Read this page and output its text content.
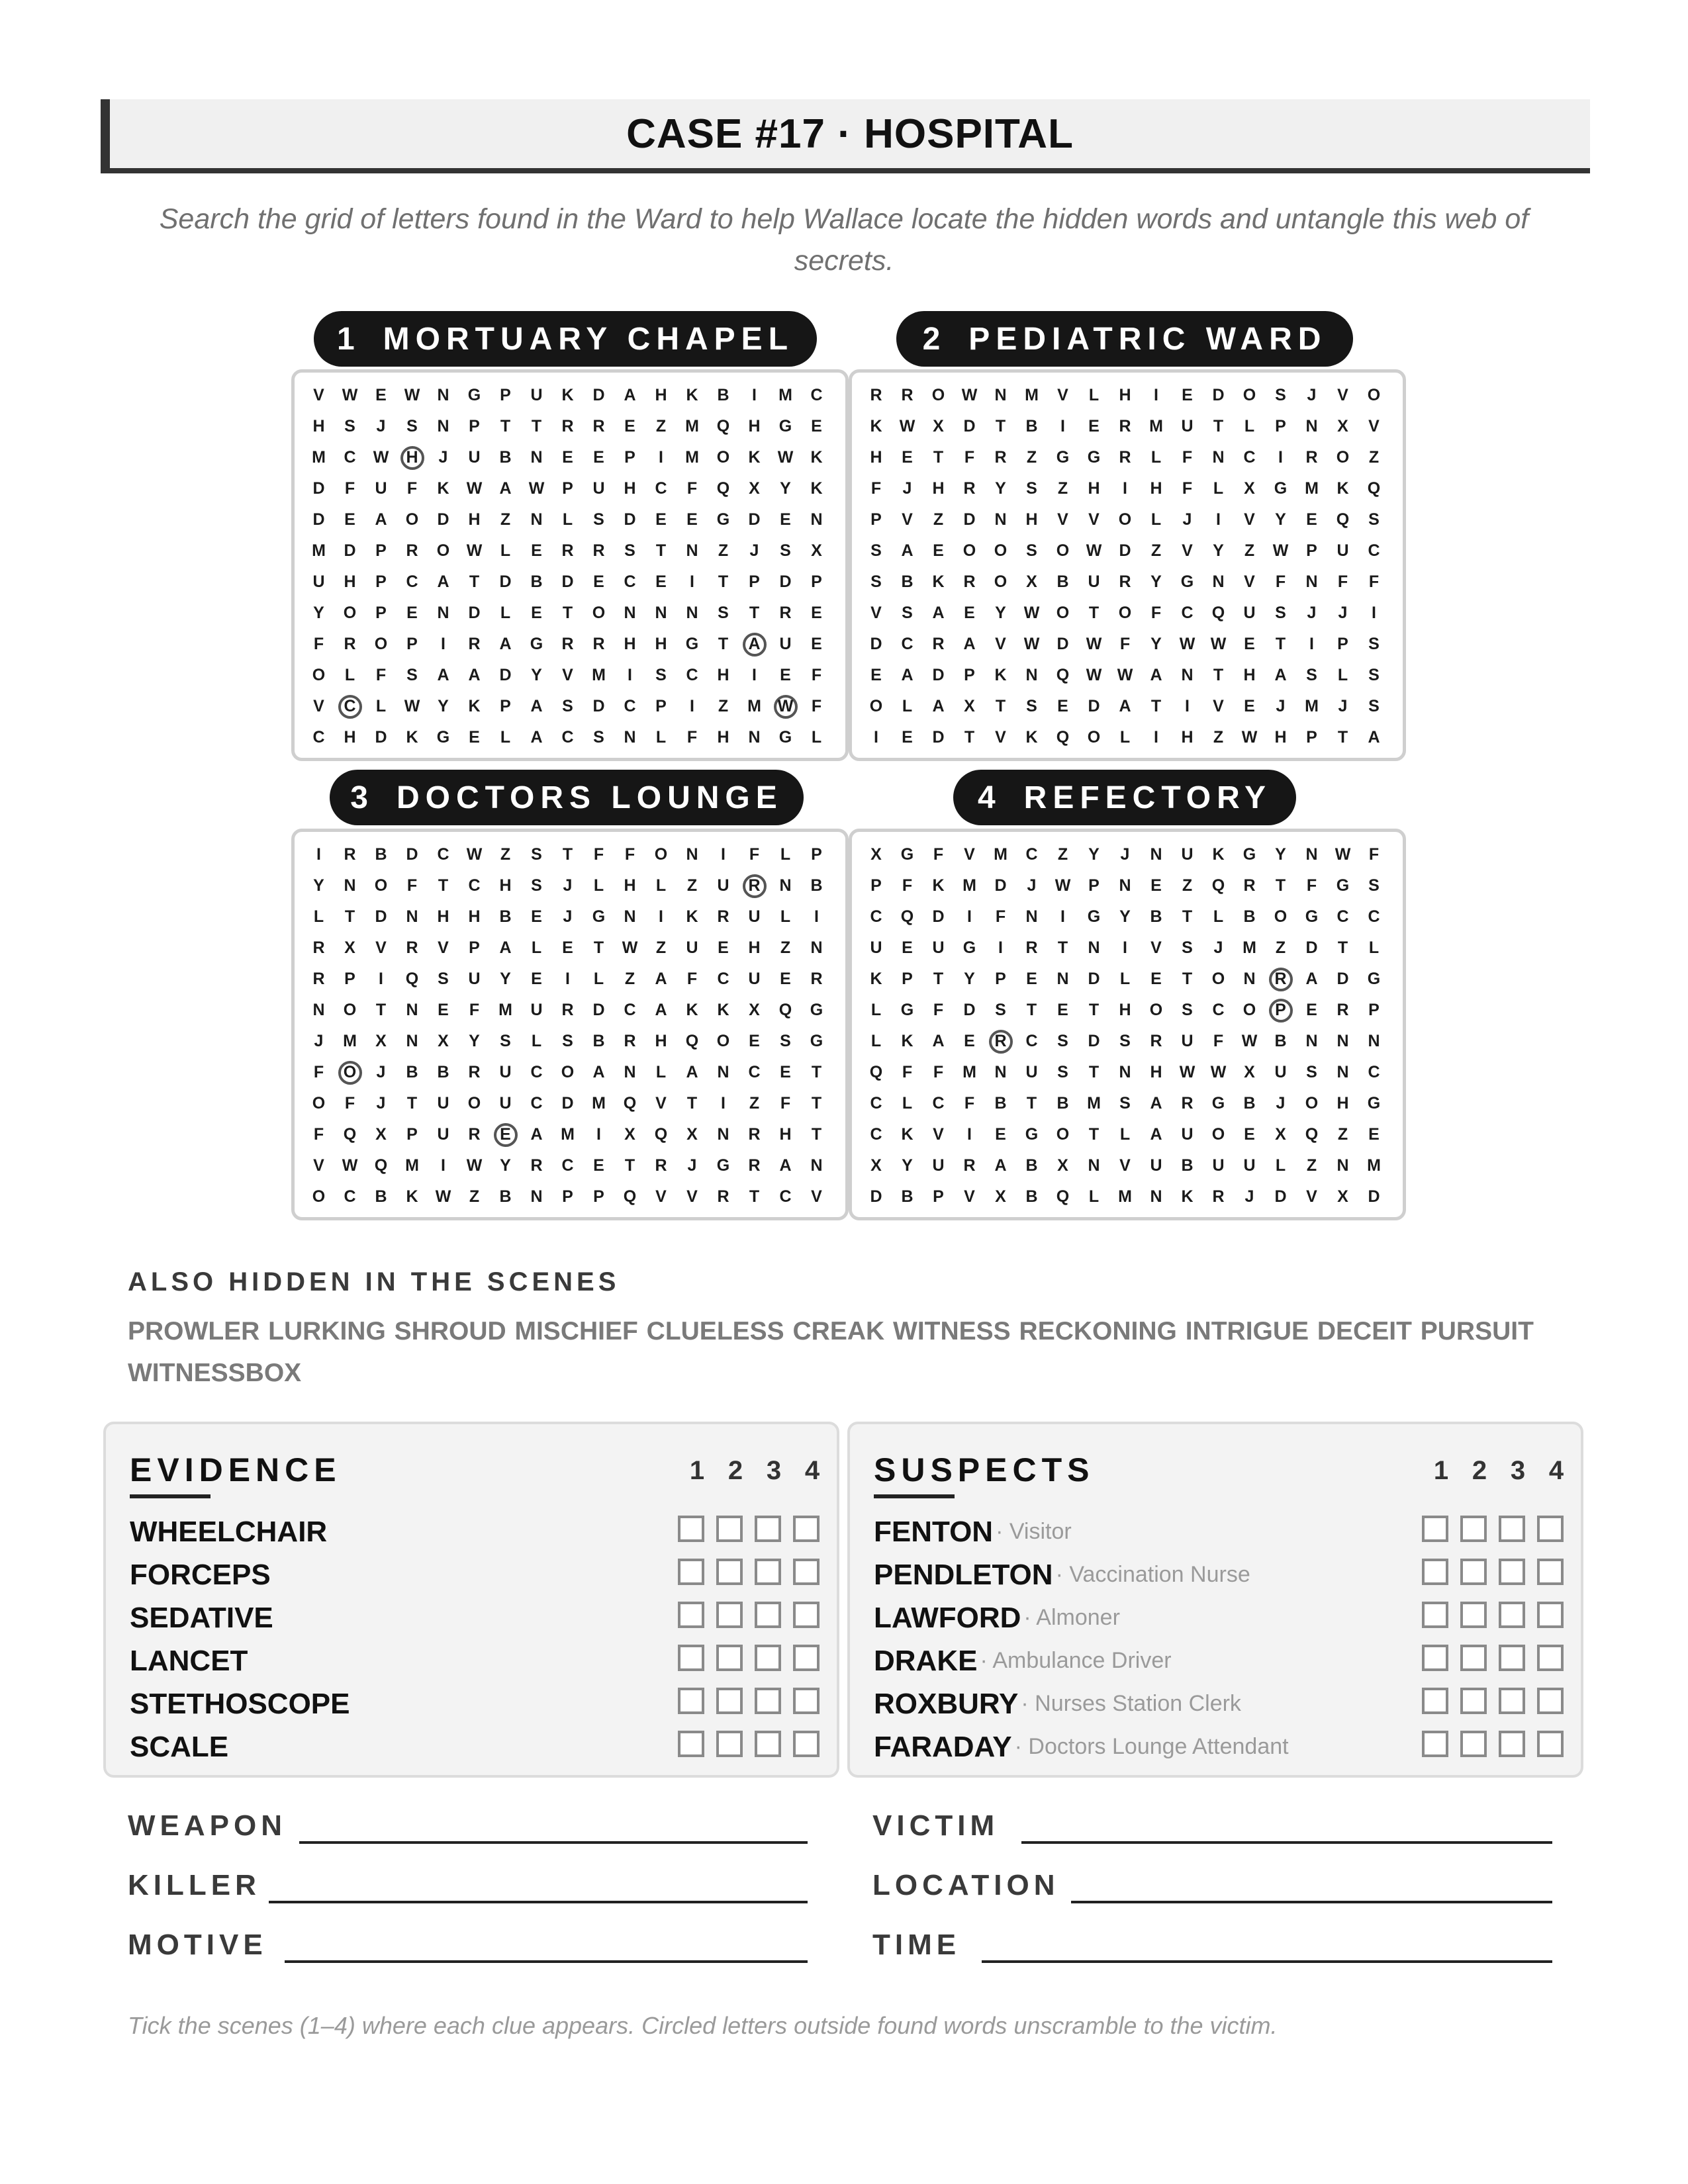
CASE #17 · HOSPITAL
Search the grid of letters found in the Ward to help Wallace locate the hidden words and untangle this web of secrets.
1 MORTUARY CHAPEL	2 PEDIATRIC WARD
3 DOCTORS LOUNGE	4 REFECTORY
V W E W N G P U K D A H K B I M C
H S J S N P T T R R E Z M Q H G E
M C W	H	J U B N E E P I M O K W K
D F U F K W A W P U H C F Q X Y K
D E A O D H Z N L S D E E G D E N
M D P R O W L E R R S T N Z J S X
U H P C A T D B D E C E I T P D P
Y O P E N D L E T O N N N S T R E
F R O P I R A G R R H H G T	A	U E
O L F S A A D Y V M I S C H I E F
V	C	L W Y K P A S D C P I Z M W F
C H D K G E L A C S N L F H N G L
R R O W N M V L H I E D O S J V O
K W X D T B I E R M U T L P N X V
H E T F R Z G G R L F N C I R O Z
F J H R Y S Z H I H F L X G M K Q
P V Z D N H V V O L J I V Y E Q S
S A E O O S O W D Z V Y Z W P U C
S B K R O X B U R Y G N V F N F F
V S A E Y W O T O F C Q U S J J I
D C R A V W D W F Y W W E T I P S
E A D P K N Q W W A N T H A S L S
O L A X T S E D A T I V E J M J S
I E D T V K Q O L I H Z W H P T A
I R B D C W Z S T F F O N I F L P
Y N O F T C H S J L H L Z U	R	N B
L T D N H H B E J G N I K R U L I
R X V R V P A L E T W Z U E H Z N
R P I Q S U Y E I L Z A F C U E R
N O T N E F M U R D C A K K X Q G
J M X N X Y S L S B R H Q O E S G
F	O	J B B R U C O A N L A N C E T
O F J T U O U C D M Q V T I Z F T
F Q X P U R	E	A M I X Q X N R H T
V W Q M I W Y R C E T R J G R A N
O C B K W Z B N P P Q V V R T C V
X G F V M C Z Y J N U K G Y N W F
P F K M D J W P N E Z Q R T F G S
C Q D I F N I G Y B T L B O G C C
U E U G I R T N I V S J M Z D T L
K P T Y P E N D L E T O N	R	A D G
L G F D S T E T H O S C O	P	E R P
L K A E	R	C S D S R U F W B N N N
Q F F M N U S T N H W W X U S N C
C L C F B T B M S A R G B J O H G
C K V I E G O T L A U O E X Q Z E
X Y U R A B X N V U B U U L Z N M
D B P V X B Q L M N K R J D V X D
ALSO HIDDEN IN THE SCENES
PROWLER LURKING SHROUD MISCHIEF CLUELESS CREAK WITNESS RECKONING INTRIGUE DECEIT PURSUIT WITNESSBOX
EVIDENCE	1 2 3 4
WHEELCHAIR
FORCEPS
SEDATIVE
LANCET
STETHOSCOPE
SCALE
SUSPECTS	1 2 3 4
FENTON · Visitor
PENDLETON · Vaccination Nurse
LAWFORD · Almoner
DRAKE · Ambulance Driver
ROXBURY · Nurses Station Clerk
FARADAY · Doctors Lounge Attendant
WEAPON
KILLER
MOTIVE
VICTIM
LOCATION
TIME
Tick the scenes (1–4) where each clue appears. Circled letters outside found words unscramble to the victim.
